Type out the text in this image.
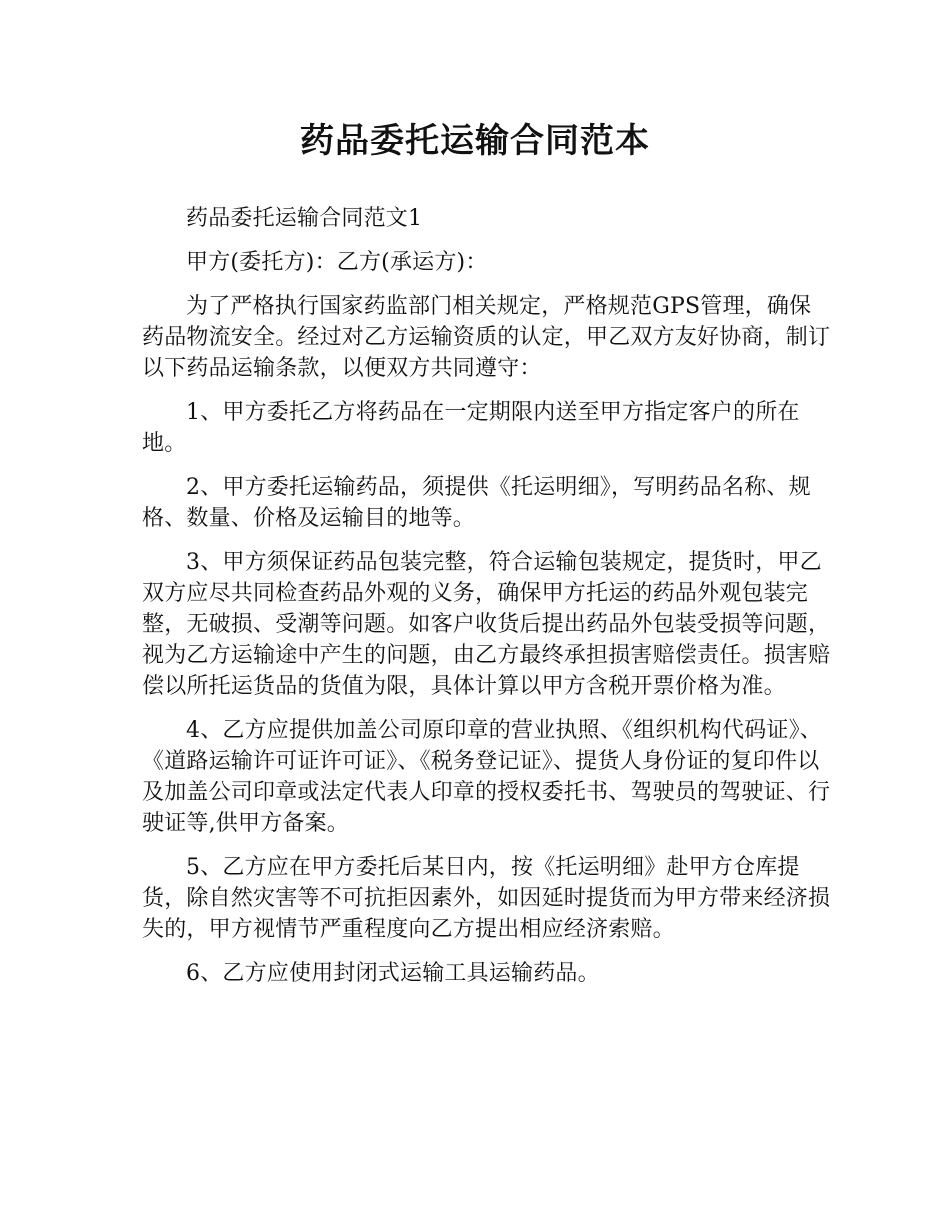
药品委托运输合同范本

药品委托运输合同范文1

甲方(委托方)：乙方(承运方)：

为了严格执行国家药监部门相关规定，严格规范GPS管理，确保药品物流安全。经过对乙方运输资质的认定，甲乙双方友好协商，制订以下药品运输条款，以便双方共同遵守：

1、甲方委托乙方将药品在一定期限内送至甲方指定客户的所在地。

2、甲方委托运输药品，须提供《托运明细》，写明药品名称、规格、数量、价格及运输目的地等。

3、甲方须保证药品包装完整，符合运输包装规定，提货时，甲乙双方应尽共同检查药品外观的义务，确保甲方托运的药品外观包装完整，无破损、受潮等问题。如客户收货后提出药品外包装受损等问题，视为乙方运输途中产生的问题，由乙方最终承担损害赔偿责任。损害赔偿以所托运货品的货值为限，具体计算以甲方含税开票价格为准。

4、乙方应提供加盖公司原印章的营业执照、《组织机构代码证》、《道路运输许可证许可证》、《税务登记证》、提货人身份证的复印件以及加盖公司印章或法定代表人印章的授权委托书、驾驶员的驾驶证、行驶证等,供甲方备案。

5、乙方应在甲方委托后某日内，按《托运明细》赴甲方仓库提货，除自然灾害等不可抗拒因素外，如因延时提货而为甲方带来经济损失的，甲方视情节严重程度向乙方提出相应经济索赔。

6、乙方应使用封闭式运输工具运输药品。
